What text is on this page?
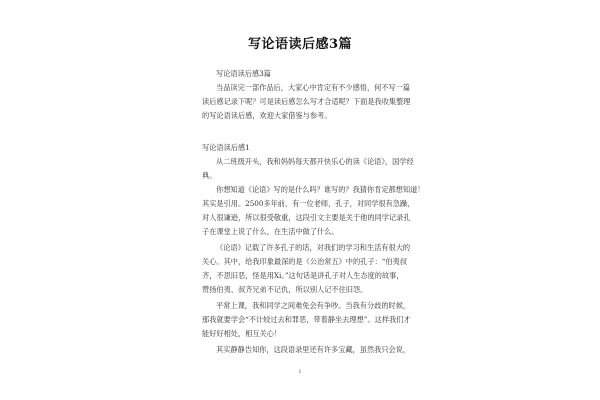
写论语读后感3篇
写论语读后感3篇
当品读完一部作品后，大家心中肯定有不少感悟，何不写一篇
读后感记录下呢？可是读后感怎么写才合适呢？下面是我收集整理
的写论语读后感，欢迎大家借鉴与参考。
写论语读后感1
从二班级开头，我和妈妈每天都开快乐心的读《论语》，国学经
典。
你想知道《论语》写的是什么吗？谁写的？我猜你肯定都想知道！
其实是引用。2500多年前，有一位老师，孔子，对同学很有急躁，
对人很谦逊，所以很受敬重，这段引文主要是关于他的同学记录孔
子在课堂上说了什么，在生活中做了什么。
《论语》记载了许多孔子的话，对我们的学习和生活有很大的
关心。其中，给我印象最深的是《公冶常五》中的孔子：“伯夷叔
齐，不思旧恶，怪是用Xi。”这句话是讲孔子对人生态度的故事，
赞扬伯夷、叔齐兄弟不记仇，所以别人记不住旧怨。
平常上课，我和同学之间难免会有争吵。当我有分歧的时候，
那我就要学会“不计较过去和罪恶，带着静坐去理想”。这样我们才
能好好相处，相互关心！
其实静静告知你，这段语录里还有许多宝藏，虽然我只会说，
1
